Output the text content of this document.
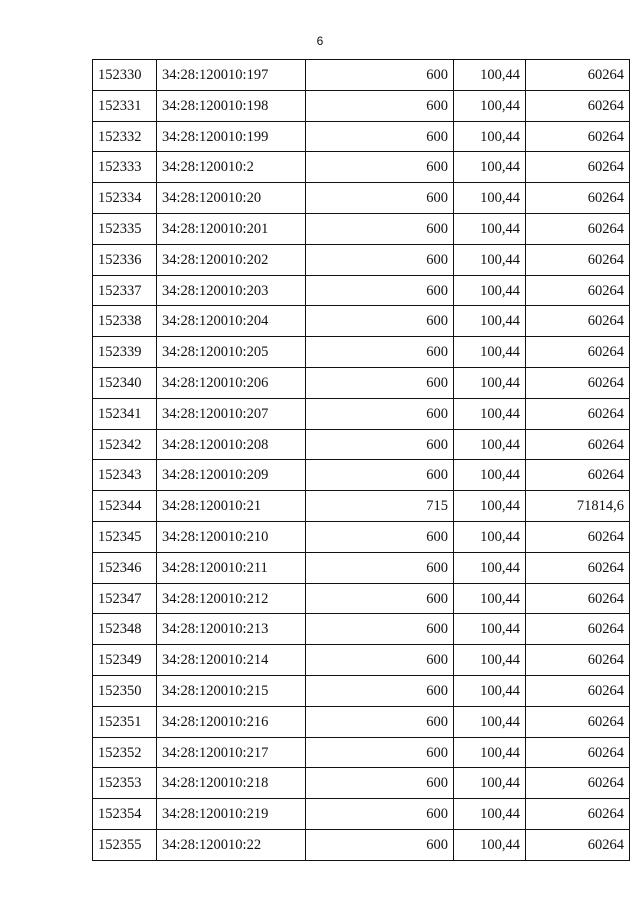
6
152330	34:28:120010:197	600	100,44	60264
152331	34:28:120010:198	600	100,44	60264
152332	34:28:120010:199	600	100,44	60264
152333	34:28:120010:2	600	100,44	60264
152334	34:28:120010:20	600	100,44	60264
152335	34:28:120010:201	600	100,44	60264
152336	34:28:120010:202	600	100,44	60264
152337	34:28:120010:203	600	100,44	60264
152338	34:28:120010:204	600	100,44	60264
152339	34:28:120010:205	600	100,44	60264
152340	34:28:120010:206	600	100,44	60264
152341	34:28:120010:207	600	100,44	60264
152342	34:28:120010:208	600	100,44	60264
152343	34:28:120010:209	600	100,44	60264
152344	34:28:120010:21	715	100,44	71814,6
152345	34:28:120010:210	600	100,44	60264
152346	34:28:120010:211	600	100,44	60264
152347	34:28:120010:212	600	100,44	60264
152348	34:28:120010:213	600	100,44	60264
152349	34:28:120010:214	600	100,44	60264
152350	34:28:120010:215	600	100,44	60264
152351	34:28:120010:216	600	100,44	60264
152352	34:28:120010:217	600	100,44	60264
152353	34:28:120010:218	600	100,44	60264
152354	34:28:120010:219	600	100,44	60264
152355	34:28:120010:22	600	100,44	60264
